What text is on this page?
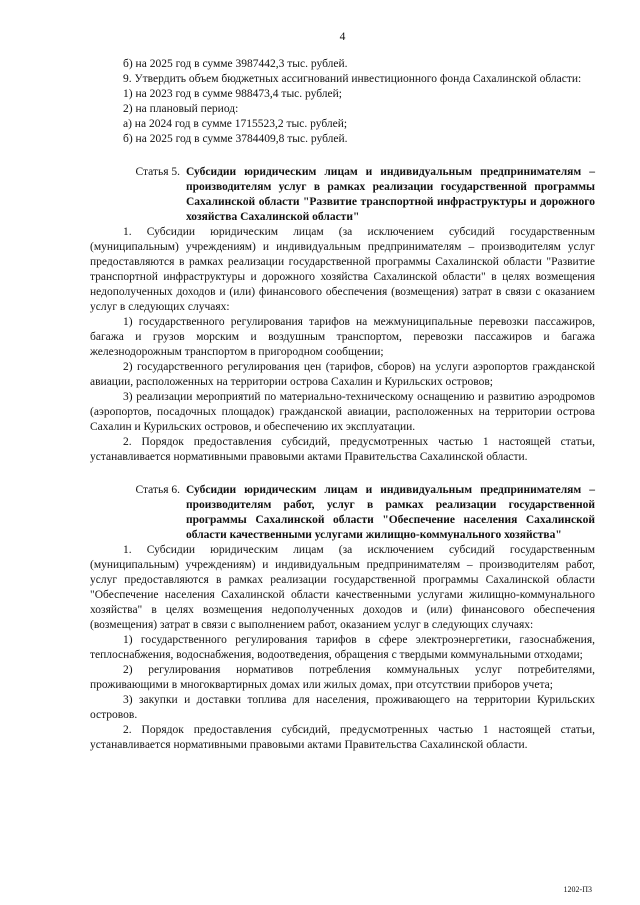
4

б) на 2025 год в сумме 3987442,3 тыс. рублей.

9. Утвердить объем бюджетных ассигнований инвестиционного фонда Сахалинской области:

1) на 2023 год в сумме 988473,4 тыс. рублей;

2) на плановый период:

а) на 2024 год в сумме 1715523,2 тыс. рублей;

б) на 2025 год в сумме 3784409,8 тыс. рублей.

Статья 5. Субсидии юридическим лицам и индивидуальным предпринимателям – производителям услуг в рамках реализации государственной программы Сахалинской области "Развитие транспортной инфраструктуры и дорожного хозяйства Сахалинской области"

1. Субсидии юридическим лицам (за исключением субсидий государственным (муниципальным) учреждениям) и индивидуальным предпринимателям – производителям услуг предоставляются в рамках реализации государственной программы Сахалинской области "Развитие транспортной инфраструктуры и дорожного хозяйства Сахалинской области" в целях возмещения недополученных доходов и (или) финансового обеспечения (возмещения) затрат в связи с оказанием услуг в следующих случаях:

1) государственного регулирования тарифов на межмуниципальные перевозки пассажиров, багажа и грузов морским и воздушным транспортом, перевозки пассажиров и багажа железнодорожным транспортом в пригородном сообщении;

2) государственного регулирования цен (тарифов, сборов) на услуги аэропортов гражданской авиации, расположенных на территории острова Сахалин и Курильских островов;

3) реализации мероприятий по материально-техническому оснащению и развитию аэродромов (аэропортов, посадочных площадок) гражданской авиации, расположенных на территории острова Сахалин и Курильских островов, и обеспечению их эксплуатации.

2. Порядок предоставления субсидий, предусмотренных частью 1 настоящей статьи, устанавливается нормативными правовыми актами Правительства Сахалинской области.

Статья 6. Субсидии юридическим лицам и индивидуальным предпринимателям – производителям работ, услуг в рамках реализации государственной программы Сахалинской области "Обеспечение населения Сахалинской области качественными услугами жилищно-коммунального хозяйства"

1. Субсидии юридическим лицам (за исключением субсидий государственным (муниципальным) учреждениям) и индивидуальным предпринимателям – производителям работ, услуг предоставляются в рамках реализации государственной программы Сахалинской области "Обеспечение населения Сахалинской области качественными услугами жилищно-коммунального хозяйства" в целях возмещения недополученных доходов и (или) финансового обеспечения (возмещения) затрат в связи с выполнением работ, оказанием услуг в следующих случаях:

1) государственного регулирования тарифов в сфере электроэнергетики, газоснабжения, теплоснабжения, водоснабжения, водоотведения, обращения с твердыми коммунальными отходами;

2) регулирования нормативов потребления коммунальных услуг потребителями, проживающими в многоквартирных домах или жилых домах, при отсутствии приборов учета;

3) закупки и доставки топлива для населения, проживающего на территории Курильских островов.

2. Порядок предоставления субсидий, предусмотренных частью 1 настоящей статьи, устанавливается нормативными правовыми актами Правительства Сахалинской области.

1202-П3
